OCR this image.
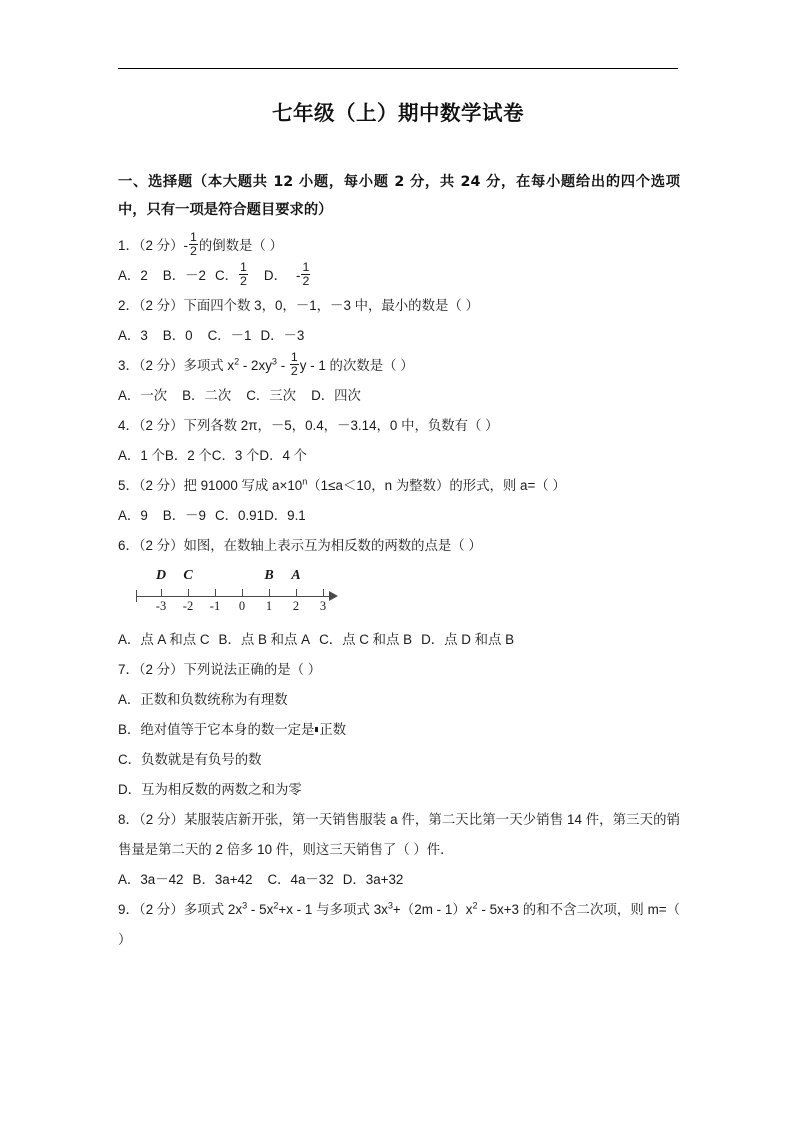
七年级（上）期中数学试卷
一、选择题（本大题共 12 小题，每小题 2 分，共 24 分，在每小题给出的四个选项中，只有一项是符合题目要求的）
1．（2 分）- $\frac{1}{2}$ 的倒数是（ ）
A．2 B．－2 C． $\frac{1}{2}$ D． - $\frac{1}{2}$
2．（2 分）下面四个数 3，0，－1，－3 中，最小的数是（ ）
A．3 B．0 C．－1 D．－3
3．（2 分）多项式 $x^2 - 2xy^3 - \frac{1}{2}$ y - 1 的次数是（ ）
A．一次 B．二次 C．三次 D．四次
4．（2 分）下列各数 2π，－5，0.4，－3.14，0 中，负数有（ ）
A．1 个B．2 个C．3 个D．4 个
5．（2 分）把 91000 写成 $a\times 10^n(1\le a<10$，n 为整数）的形式，则 a=（ ）
A．9 B．－9 C．0.91D．9.1
6．（2 分）如图，在数轴上表示互为相反数的两数的点是（ ）
-3	-2	-1	0	1	2	3
D	C	B	A
A．点 A 和点 C B．点 B 和点 A C．点 C 和点 B D．点 D 和点 B
7．（2 分）下列说法正确的是（ ）
A．正数和负数统称为有理数
B．绝对值等于它本身的数一定是 正数
C．负数就是有负号的数
D．互为相反数的两数之和为零
8．（2 分）某服装店新开张，第一天销售服装 a 件，第二天比第一天少销售 14 件，第三天的销售量是第二天的 2 倍多 10 件，则这三天销售了（ ）件．
A．3a－42 B．3a+42 C．4a－32 D．3a+32
9．（2 分）多项式 $2x^3 - 5x^2+x - 1$ 与多项式 $3x^3+(2m - 1)x^2 - 5x+3$ 的和不含二次项，则 m=（ ）
